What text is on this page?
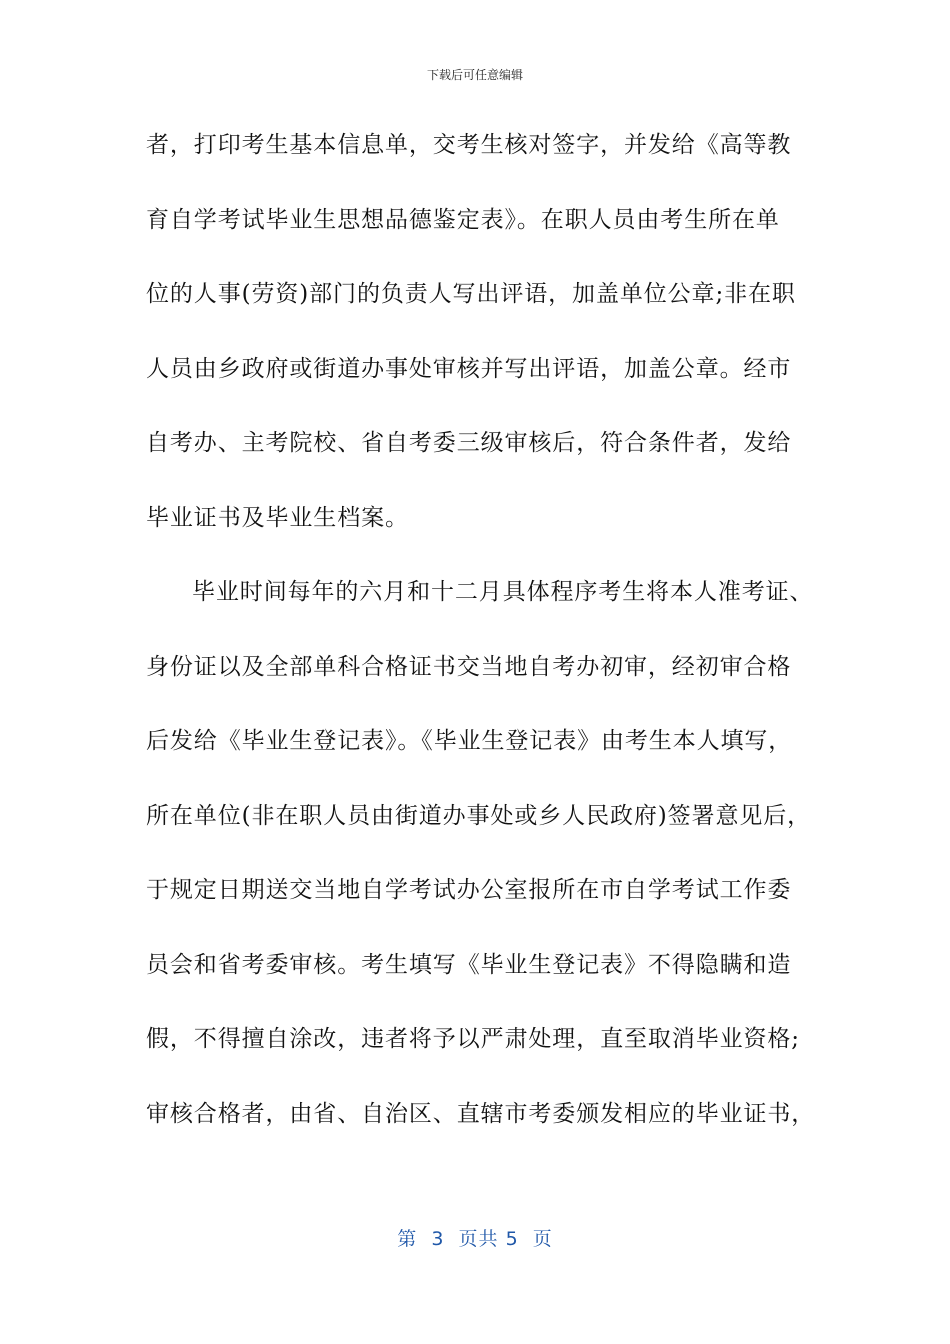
下载后可任意编辑
者，打印考生基本信息单，交考生核对签字，并发给《高等教
育自学考试毕业生思想品德鉴定表》。在职人员由考生所在单
位的人事(劳资)部门的负责人写出评语，加盖单位公章;非在职
人员由乡政府或街道办事处审核并写出评语，加盖公章。经市
自考办、主考院校、省自考委三级审核后，符合条件者，发给
毕业证书及毕业生档案。
毕业时间每年的六月和十二月具体程序考生将本人准考证、
身份证以及全部单科合格证书交当地自考办初审，经初审合格
后发给《毕业生登记表》。《毕业生登记表》由考生本人填写，
所在单位(非在职人员由街道办事处或乡人民政府)签署意见后，
于规定日期送交当地自学考试办公室报所在市自学考试工作委
员会和省考委审核。考生填写《毕业生登记表》不得隐瞒和造
假，不得擅自涂改，违者将予以严肃处理，直至取消毕业资格;
审核合格者，由省、自治区、直辖市考委颁发相应的毕业证书，
第 3 页共 5 页
